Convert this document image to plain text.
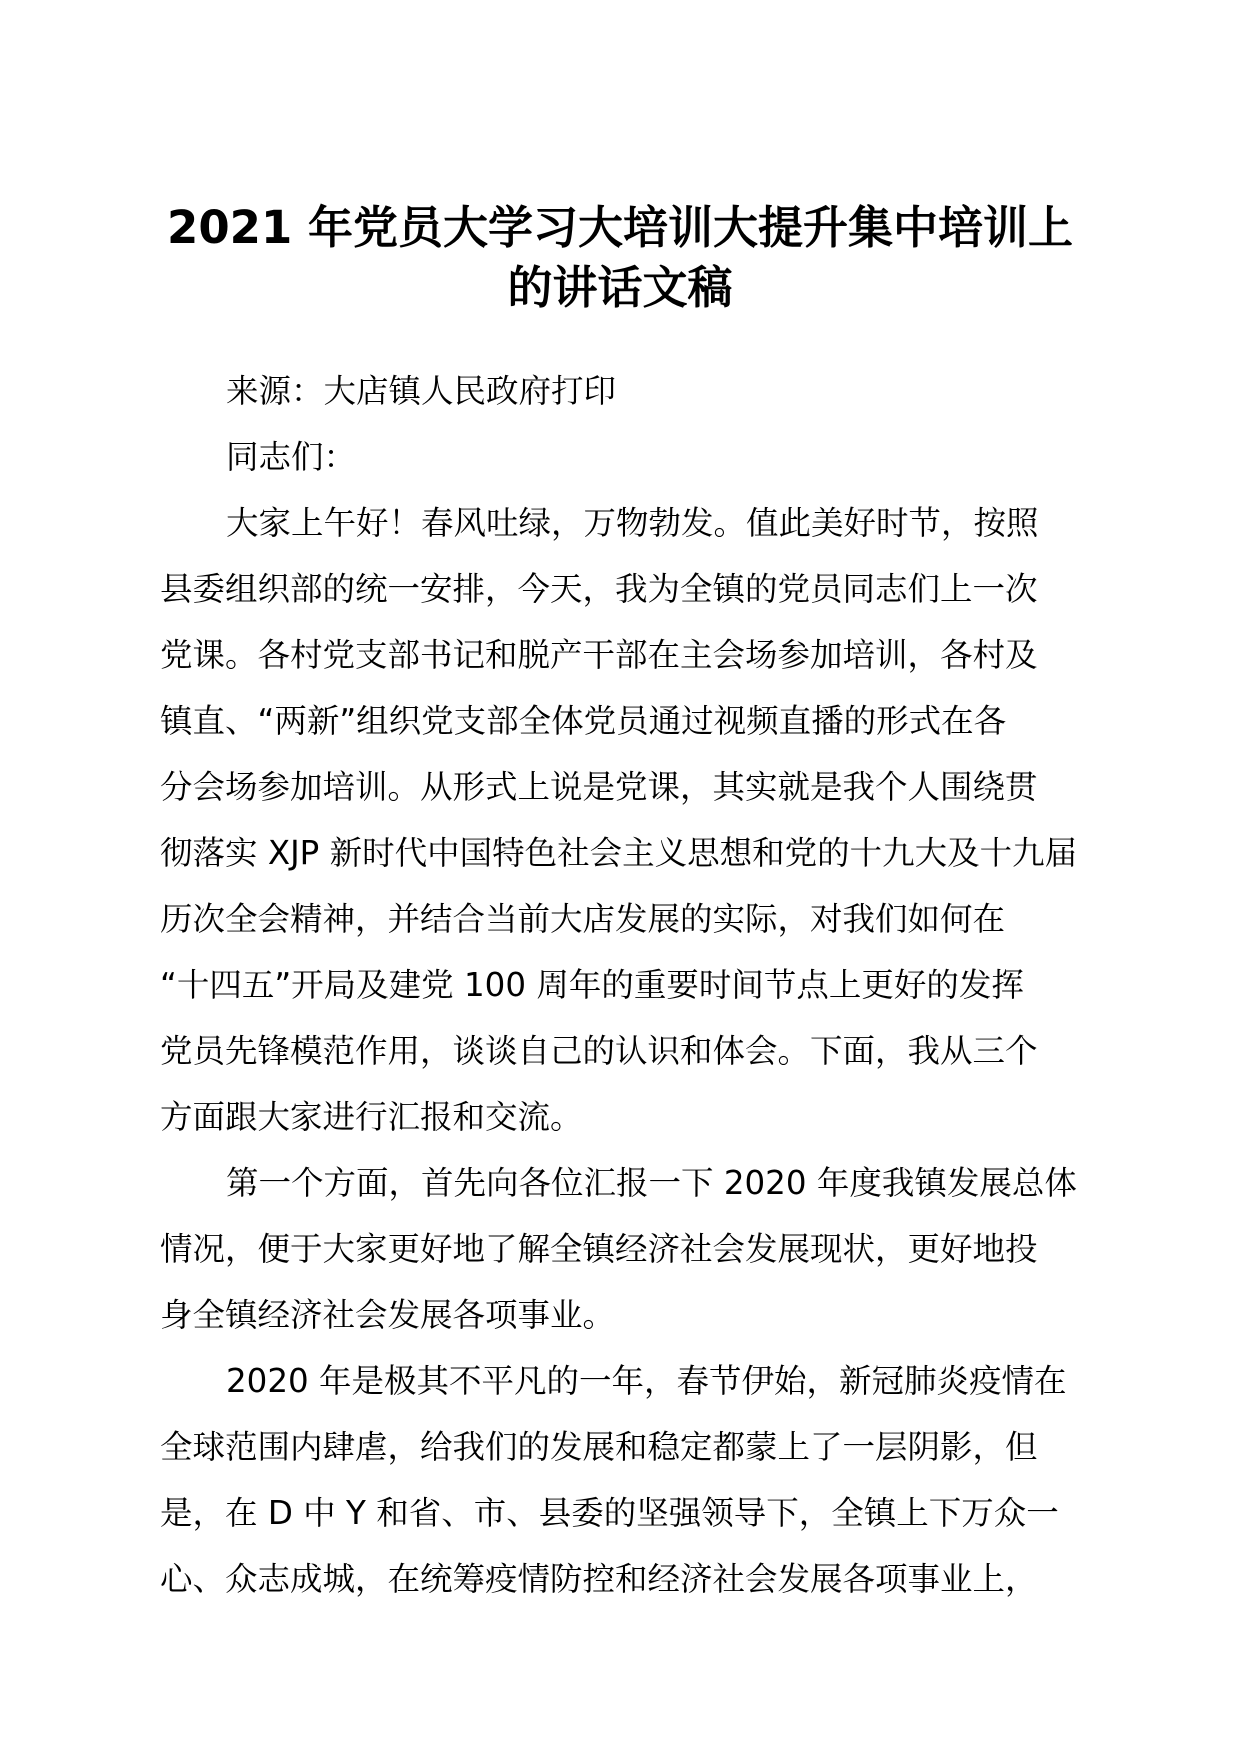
2021 年党员大学习大培训大提升集中培训上
的讲话文稿
来源：大店镇人民政府打印
同志们：
大家上午好！春风吐绿，万物勃发。值此美好时节，按照
县委组织部的统一安排，今天，我为全镇的党员同志们上一次
党课。各村党支部书记和脱产干部在主会场参加培训，各村及
镇直、“两新”组织党支部全体党员通过视频直播的形式在各
分会场参加培训。从形式上说是党课，其实就是我个人围绕贯
彻落实 XJP 新时代中国特色社会主义思想和党的十九大及十九届
历次全会精神，并结合当前大店发展的实际，对我们如何在
“十四五”开局及建党 100 周年的重要时间节点上更好的发挥
党员先锋模范作用，谈谈自己的认识和体会。下面，我从三个
方面跟大家进行汇报和交流。
第一个方面，首先向各位汇报一下 2020 年度我镇发展总体
情况，便于大家更好地了解全镇经济社会发展现状，更好地投
身全镇经济社会发展各项事业。
2020 年是极其不平凡的一年，春节伊始，新冠肺炎疫情在
全球范围内肆虐，给我们的发展和稳定都蒙上了一层阴影，但
是，在 D 中 Y 和省、市、县委的坚强领导下，全镇上下万众一
心、众志成城，在统筹疫情防控和经济社会发展各项事业上，
